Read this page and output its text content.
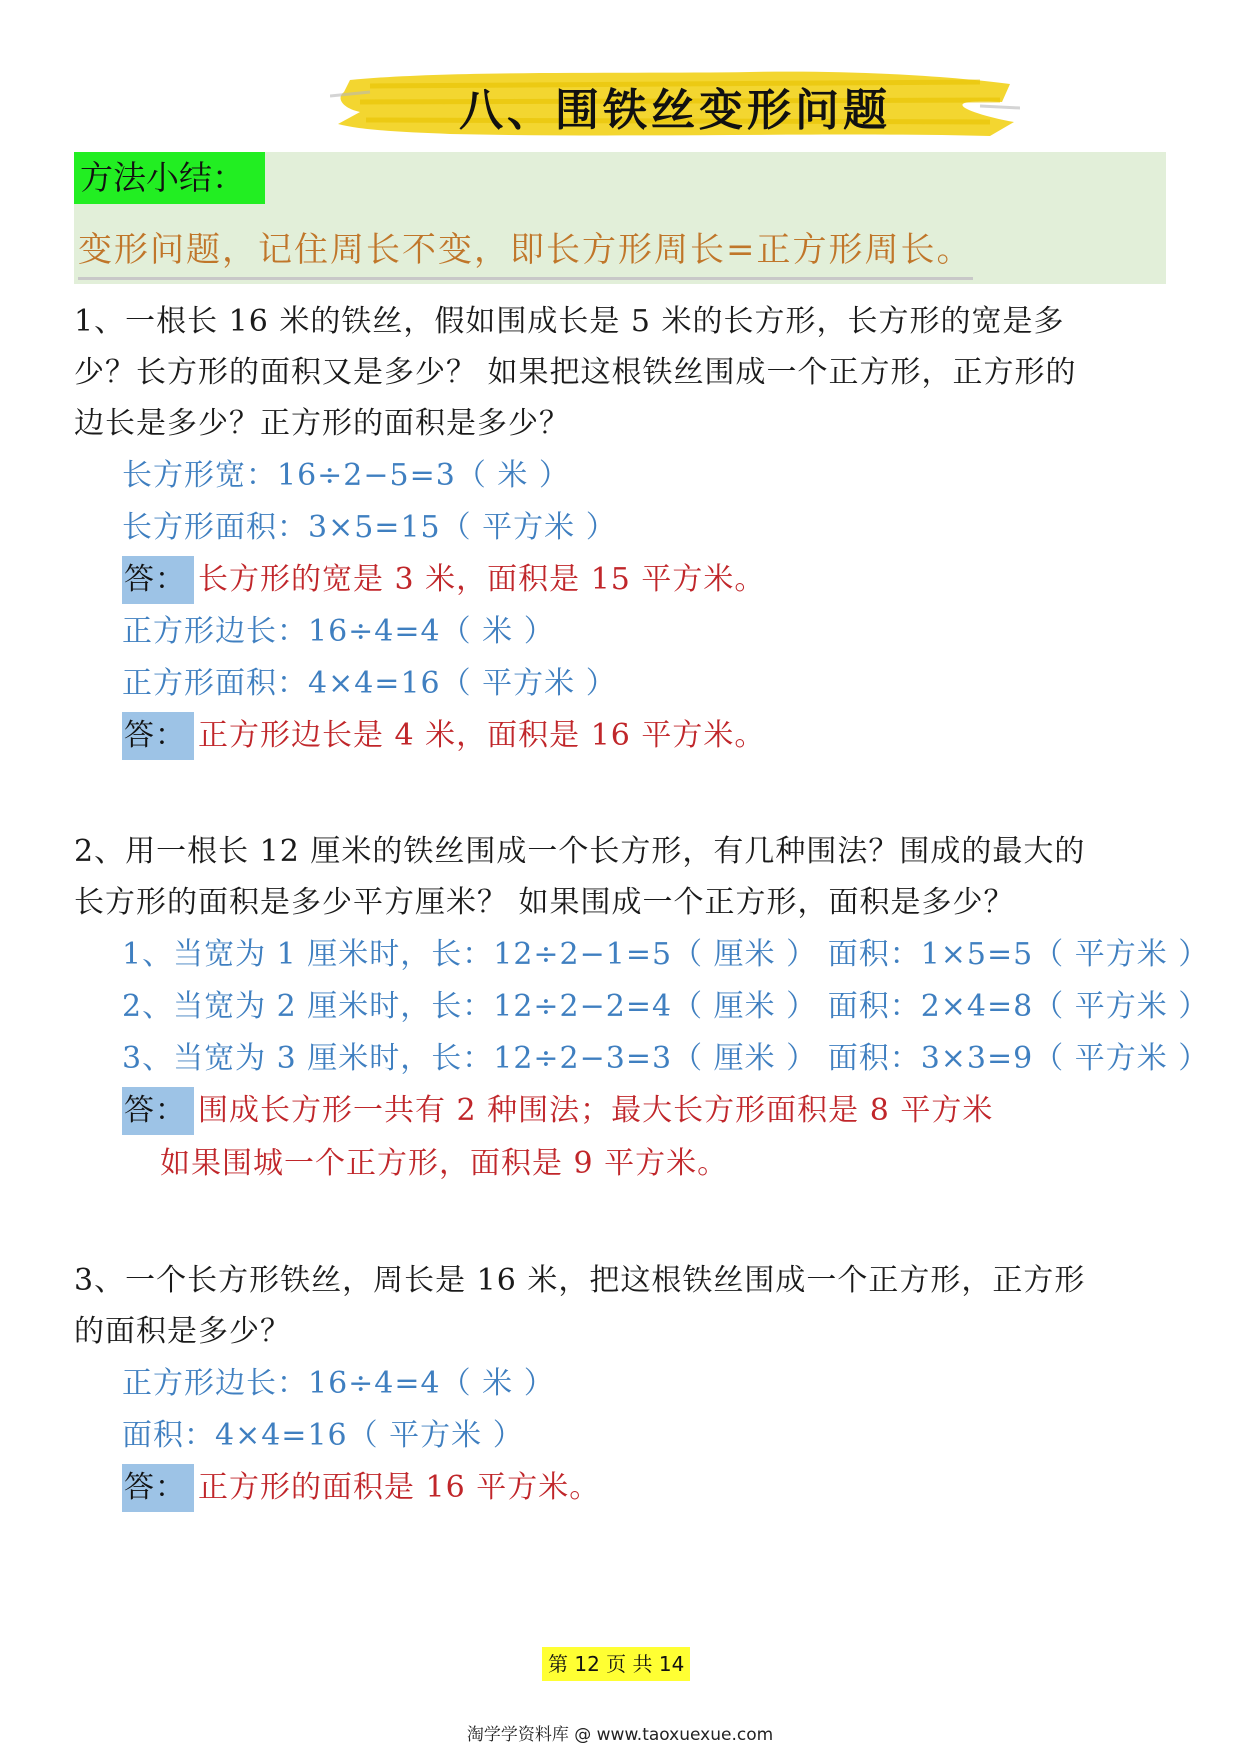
八、围铁丝变形问题
方法小结：
变形问题，记住周长不变，即长方形周长=正方形周长。
1、一根长 16 米的铁丝，假如围成长是 5 米的长方形，长方形的宽是多
少？长方形的面积又是多少？ 如果把这根铁丝围成一个正方形，正方形的
边长是多少？正方形的面积是多少？
长方形宽：16÷2−5=3（ 米 ）
长方形面积：3×5=15（ 平方米 ）
答： 长方形的宽是 3 米，面积是 15 平方米。
正方形边长：16÷4=4（ 米 ）
正方形面积：4×4=16（ 平方米 ）
答： 正方形边长是 4 米，面积是 16 平方米。
2、用一根长 12 厘米的铁丝围成一个长方形，有几种围法？围成的最大的
长方形的面积是多少平方厘米？ 如果围成一个正方形，面积是多少？
1、当宽为 1 厘米时，长：12÷2−1=5（ 厘米 ） 面积：1×5=5（ 平方米 ）
2、当宽为 2 厘米时，长：12÷2−2=4（ 厘米 ） 面积：2×4=8（ 平方米 ）
3、当宽为 3 厘米时，长：12÷2−3=3（ 厘米 ） 面积：3×3=9（ 平方米 ）
答： 围成长方形一共有 2 种围法；最大长方形面积是 8 平方米
如果围城一个正方形，面积是 9 平方米。
3、一个长方形铁丝，周长是 16 米，把这根铁丝围成一个正方形，正方形
的面积是多少？
正方形边长：16÷4=4（ 米 ）
面积：4×4=16（ 平方米 ）
答： 正方形的面积是 16 平方米。
第 12 页 共 14
淘学学资料库 @ www.taoxuexue.com
